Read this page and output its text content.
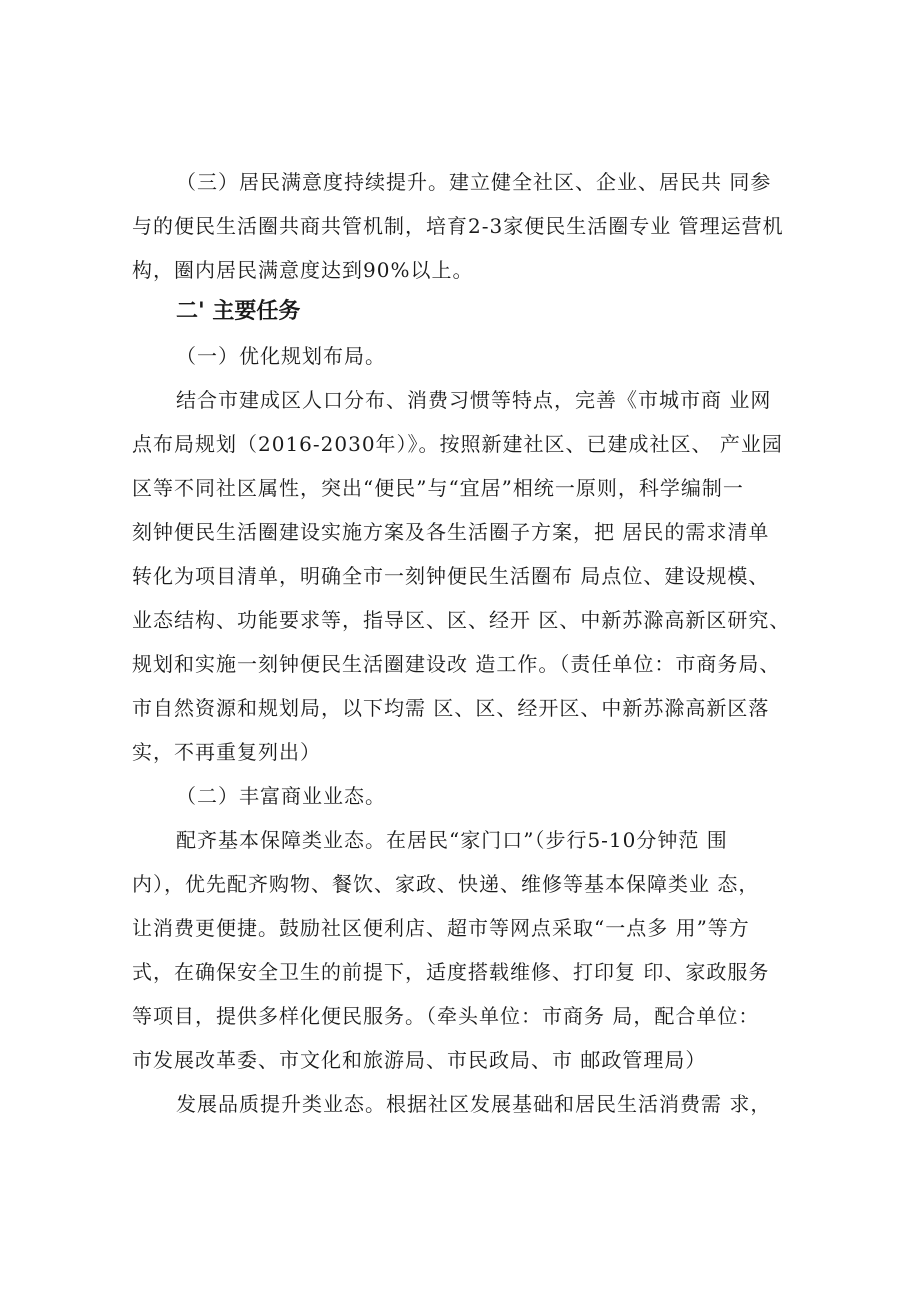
（三）居民满意度持续提升。建立健全社区、企业、居民共 同参
与的便民生活圈共商共管机制，培育2-3家便民生活圈专业 管理运营机
构，圈内居民满意度达到90%以上。
二' 主要任务
（一）优化规划布局。
结合市建成区人口分布、消费习惯等特点，完善《市城市商 业网
点布局规划（2016-2030年）》。按照新建社区、已建成社区、 产业园
区等不同社区属性，突出“便民”与“宜居”相统一原则，科学编制一
刻钟便民生活圈建设实施方案及各生活圈子方案，把 居民的需求清单
转化为项目清单，明确全市一刻钟便民生活圈布 局点位、建设规模、
业态结构、功能要求等，指导区、区、经开 区、中新苏滁高新区研究、
规划和实施一刻钟便民生活圈建设改 造工作。（责任单位：市商务局、
市自然资源和规划局，以下均需 区、区、经开区、中新苏滁高新区落
实，不再重复列出）
（二）丰富商业业态。
配齐基本保障类业态。在居民“家门口”（步行5-10分钟范 围
内），优先配齐购物、餐饮、家政、快递、维修等基本保障类业 态，
让消费更便捷。鼓励社区便利店、超市等网点采取“一点多 用”等方
式，在确保安全卫生的前提下，适度搭载维修、打印复 印、家政服务
等项目，提供多样化便民服务。（牵头单位：市商务 局，配合单位：
市发展改革委、市文化和旅游局、市民政局、市 邮政管理局）
发展品质提升类业态。根据社区发展基础和居民生活消费需 求，
